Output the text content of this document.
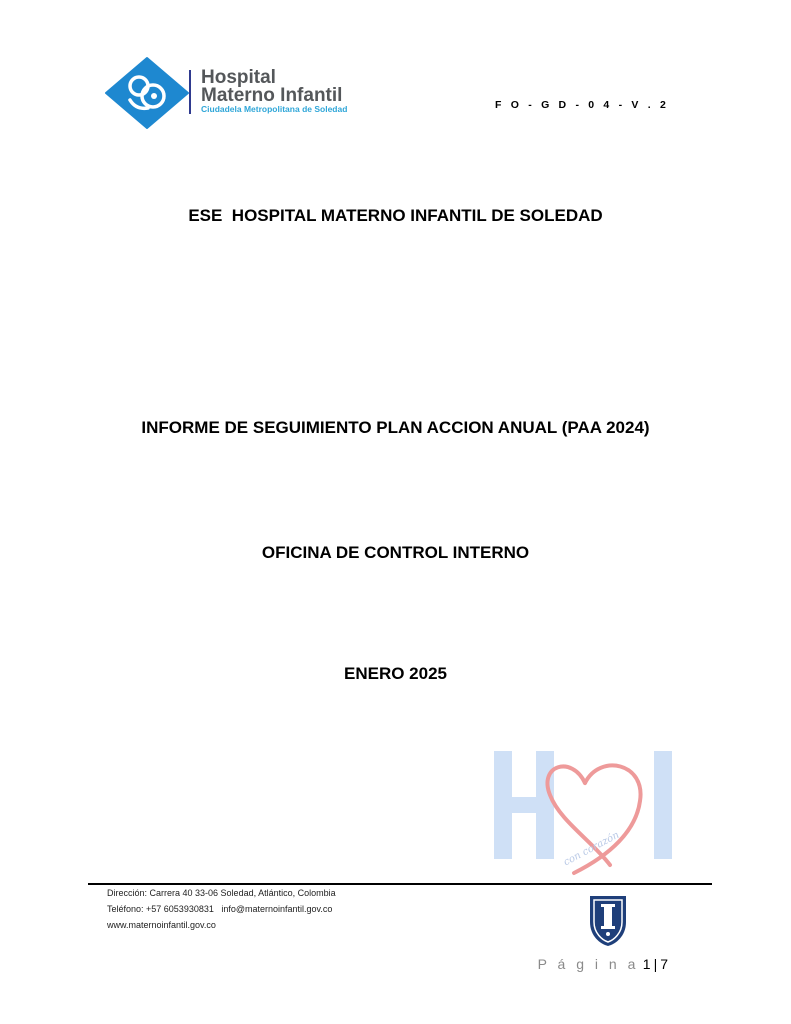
Hospital
Materno Infantil
Ciudadela Metropolitana de Soledad	F O - G D - 0 4 - V . 2
ESE  HOSPITAL MATERNO INFANTIL DE SOLEDAD
INFORME DE SEGUIMIENTO PLAN ACCION ANUAL (PAA 2024)
OFICINA DE CONTROL INTERNO
ENERO 2025
con corazón
Dirección: Carrera 40 33-06 Soledad, Atlántico, Colombia
Teléfono: +57 6053930831   info@maternoinfantil.gov.co
www.maternoinfantil.gov.co
P á g i n a 1 | 7
